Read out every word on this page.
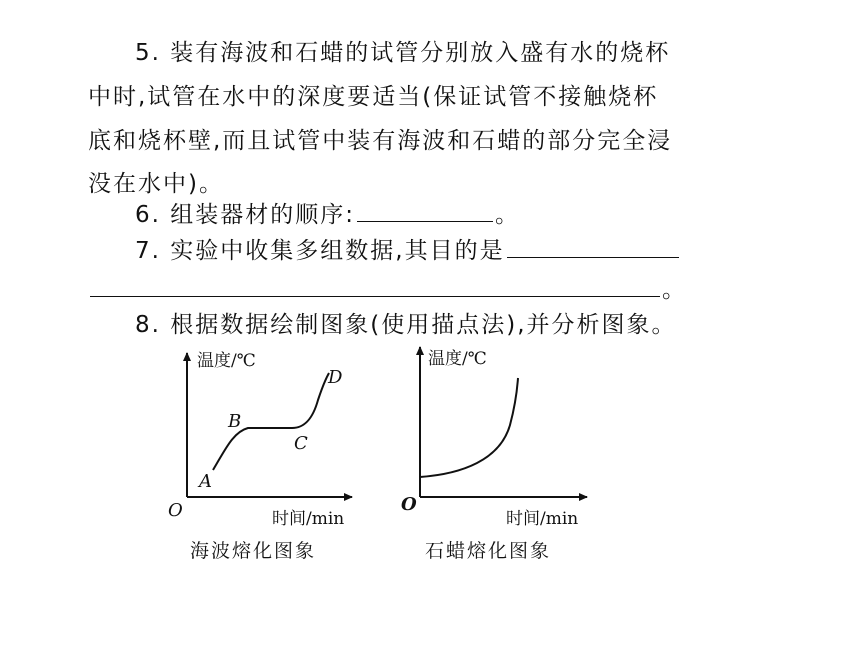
5. 装有海波和石蜡的试管分别放入盛有水的烧杯
中时,试管在水中的深度要适当(保证试管不接触烧杯
底和烧杯壁,而且试管中装有海波和石蜡的部分完全浸
没在水中)。
6. 组装器材的顺序:	。
7. 实验中收集多组数据,其目的是
。
8. 根据数据绘制图象(使用描点法),并分析图象。
温度/℃
时间/min
O
A
B
C
D
海波熔化图象
温度/℃
时间/min
O
石蜡熔化图象
